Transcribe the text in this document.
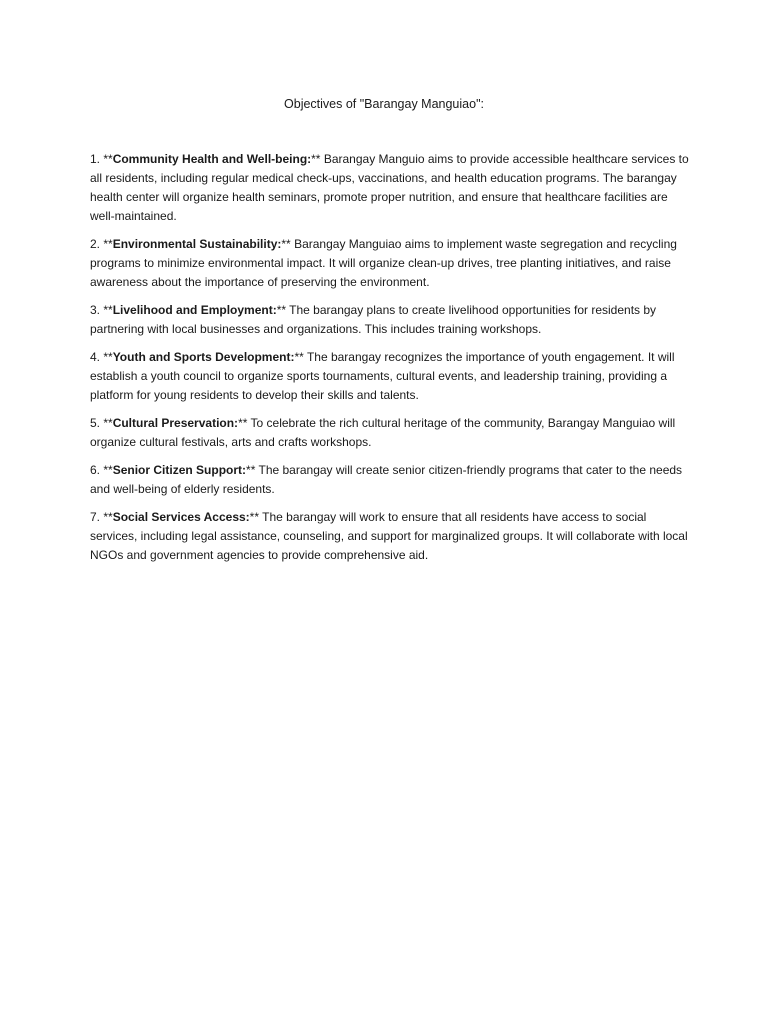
Objectives of "Barangay Manguiao":
1. **Community Health and Well-being:** Barangay Manguio aims to provide accessible healthcare services to all residents, including regular medical check-ups, vaccinations, and health education programs. The barangay health center will organize health seminars, promote proper nutrition, and ensure that healthcare facilities are well-maintained.
2. **Environmental Sustainability:** Barangay Manguiao aims to implement waste segregation and recycling programs to minimize environmental impact. It will organize clean-up drives, tree planting initiatives, and raise awareness about the importance of preserving the environment.
3. **Livelihood and Employment:** The barangay plans to create livelihood opportunities for residents by partnering with local businesses and organizations. This includes training workshops.
4. **Youth and Sports Development:** The barangay recognizes the importance of youth engagement. It will establish a youth council to organize sports tournaments, cultural events, and leadership training, providing a platform for young residents to develop their skills and talents.
5. **Cultural Preservation:** To celebrate the rich cultural heritage of the community, Barangay Manguiao will organize cultural festivals, arts and crafts workshops.
6. **Senior Citizen Support:** The barangay will create senior citizen-friendly programs that cater to the needs and well-being of elderly residents.
7. **Social Services Access:** The barangay will work to ensure that all residents have access to social services, including legal assistance, counseling, and support for marginalized groups. It will collaborate with local NGOs and government agencies to provide comprehensive aid.
